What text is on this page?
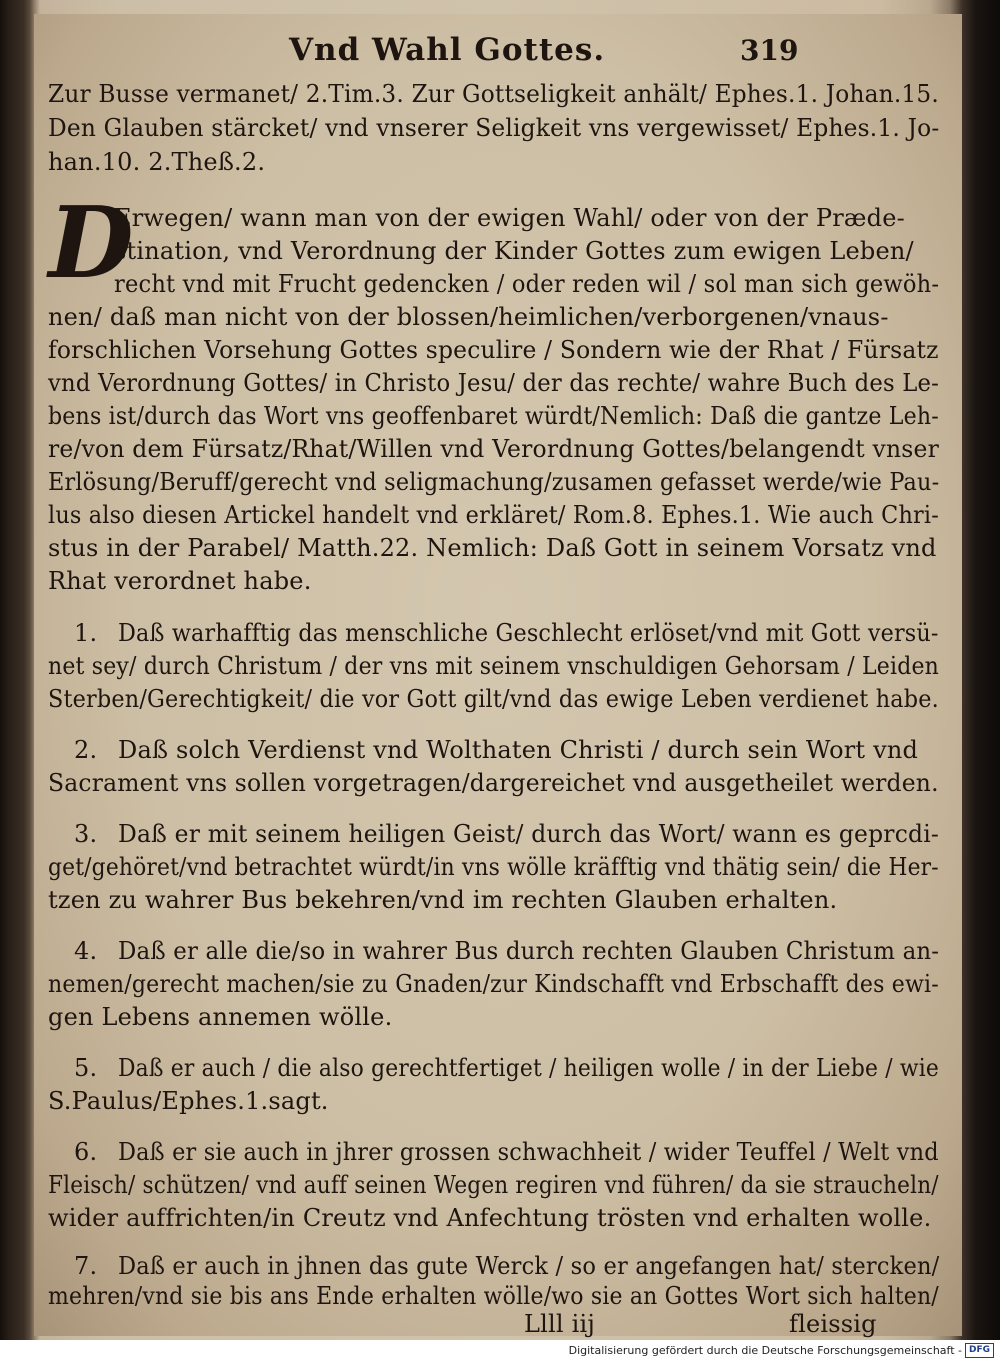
Vnd Wahl Gottes.	319
Zur Busse vermanet/ 2.Tim.3. Zur Gottseligkeit anhält/ Ephes.1. Johan.15.
Den Glauben stärcket/ vnd vnserer Seligkeit vns vergewisset/ Ephes.1. Jo-
han.10. 2.Theß.2.
D
Erwegen/ wann man von der ewigen Wahl/ oder von der Præde-
stination, vnd Verordnung der Kinder Gottes zum ewigen Leben/
recht vnd mit Frucht gedencken / oder reden wil / sol man sich gewöh-
nen/ daß man nicht von der blossen/heimlichen/verborgenen/vnaus-
forschlichen Vorsehung Gottes speculire / Sondern wie der Rhat / Fürsatz
vnd Verordnung Gottes/ in Christo Jesu/ der das rechte/ wahre Buch des Le-
bens ist/durch das Wort vns geoffenbaret würdt/Nemlich: Daß die gantze Leh-
re/von dem Fürsatz/Rhat/Willen vnd Verordnung Gottes/belangendt vnser
Erlösung/Beruff/gerecht vnd seligmachung/zusamen gefasset werde/wie Pau-
lus also diesen Artickel handelt vnd erkläret/ Rom.8. Ephes.1. Wie auch Chri-
stus in der Parabel/ Matth.22. Nemlich: Daß Gott in seinem Vorsatz vnd
Rhat verordnet habe.
1. Daß warhafftig das menschliche Geschlecht erlöset/vnd mit Gott versü-
net sey/ durch Christum / der vns mit seinem vnschuldigen Gehorsam / Leiden
Sterben/Gerechtigkeit/ die vor Gott gilt/vnd das ewige Leben verdienet habe.
2. Daß solch Verdienst vnd Wolthaten Christi / durch sein Wort vnd
Sacrament vns sollen vorgetragen/dargereichet vnd ausgetheilet werden.
3. Daß er mit seinem heiligen Geist/ durch das Wort/ wann es geprcdi-
get/gehöret/vnd betrachtet würdt/in vns wölle kräfftig vnd thätig sein/ die Her-
tzen zu wahrer Bus bekehren/vnd im rechten Glauben erhalten.
4. Daß er alle die/so in wahrer Bus durch rechten Glauben Christum an-
nemen/gerecht machen/sie zu Gnaden/zur Kindschafft vnd Erbschafft des ewi-
gen Lebens annemen wölle.
5. Daß er auch / die also gerechtfertiget / heiligen wolle / in der Liebe / wie
S.Paulus/Ephes.1.sagt.
6. Daß er sie auch in jhrer grossen schwachheit / wider Teuffel / Welt vnd
Fleisch/ schützen/ vnd auff seinen Wegen regiren vnd führen/ da sie straucheln/
wider auffrichten/in Creutz vnd Anfechtung trösten vnd erhalten wolle.
7. Daß er auch in jhnen das gute Werck / so er angefangen hat/ stercken/
mehren/vnd sie bis ans Ende erhalten wölle/wo sie an Gottes Wort sich halten/
Llll iij	fleissig
Digitalisierung gefördert durch die Deutsche Forschungsgemeinschaft - DFG
